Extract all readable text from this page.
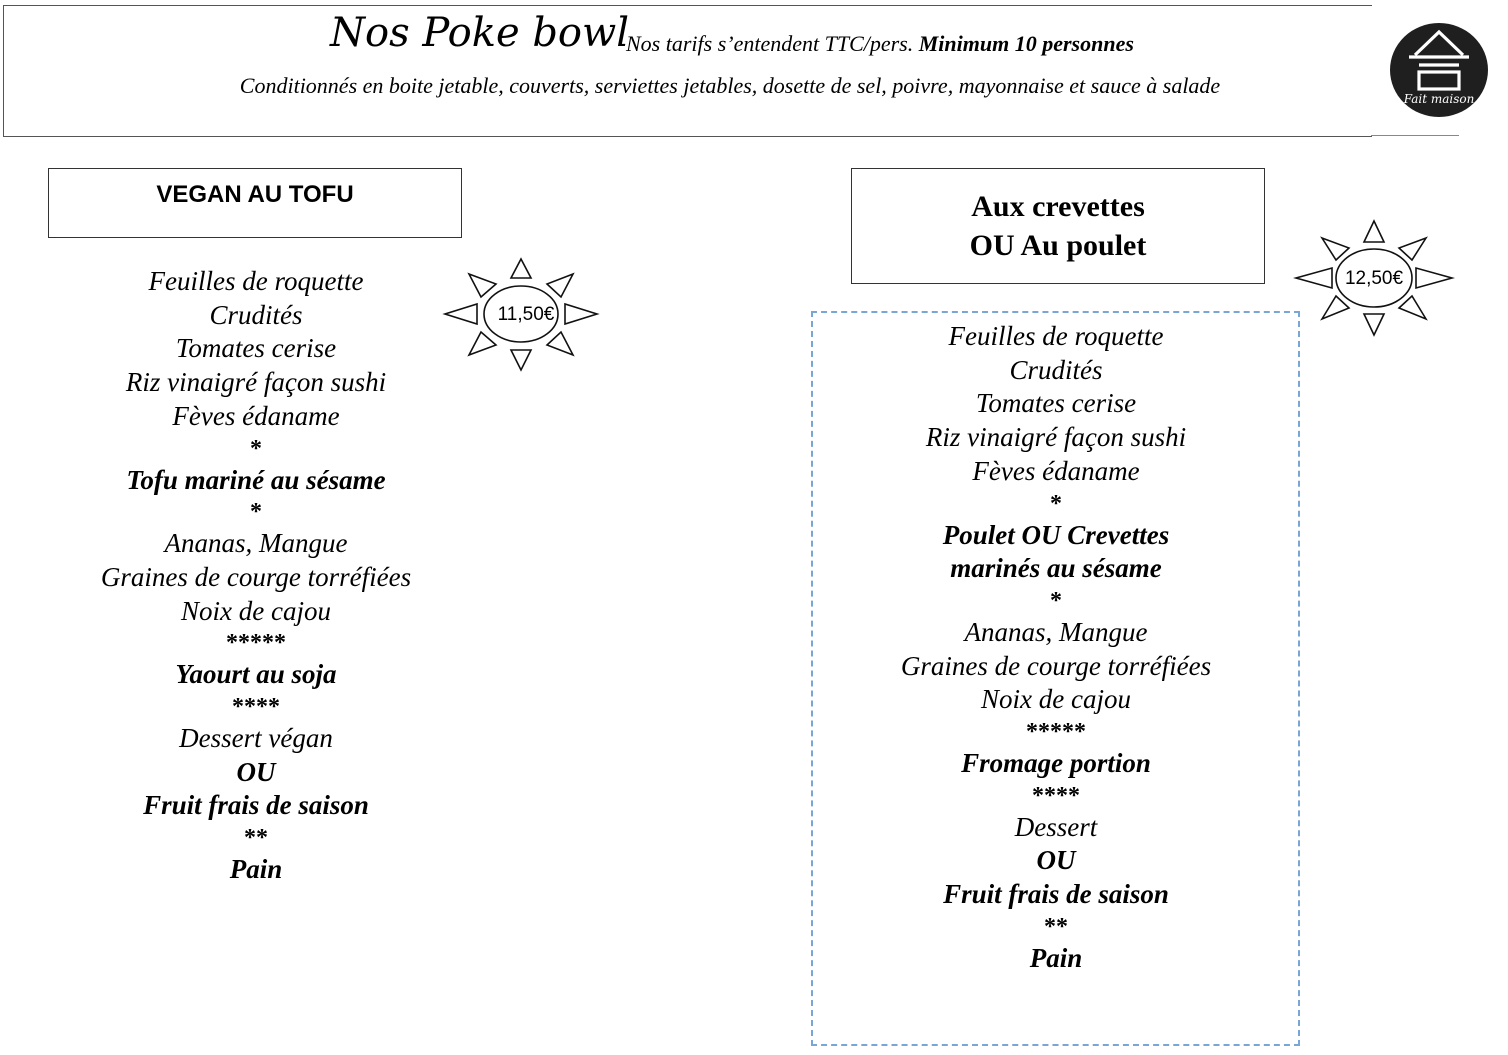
Nos Poke bowl
Nos tarifs s’entendent TTC/pers. Minimum 10 personnes
Conditionnés en boite jetable, couverts, serviettes jetables, dosette de sel, poivre, mayonnaise et sauce à salade
Fait maison
VEGAN AU TOFU	Aux crevettes
OU Au poulet
11,50€
12,50€
Feuilles de roquette
Crudités
Tomates cerise
Riz vinaigré façon sushi
Fèves édaname
*
Tofu mariné au sésame
*
Ananas, Mangue
Graines de courge torréfiées
Noix de cajou
*****
Yaourt au soja
****
Dessert végan
OU
Fruit frais de saison
**
Pain
Feuilles de roquette
Crudités
Tomates cerise
Riz vinaigré façon sushi
Fèves édaname
*
Poulet OU Crevettes
marinés au sésame
*
Ananas, Mangue
Graines de courge torréfiées
Noix de cajou
*****
Fromage portion
****
Dessert
OU
Fruit frais de saison
**
Pain
